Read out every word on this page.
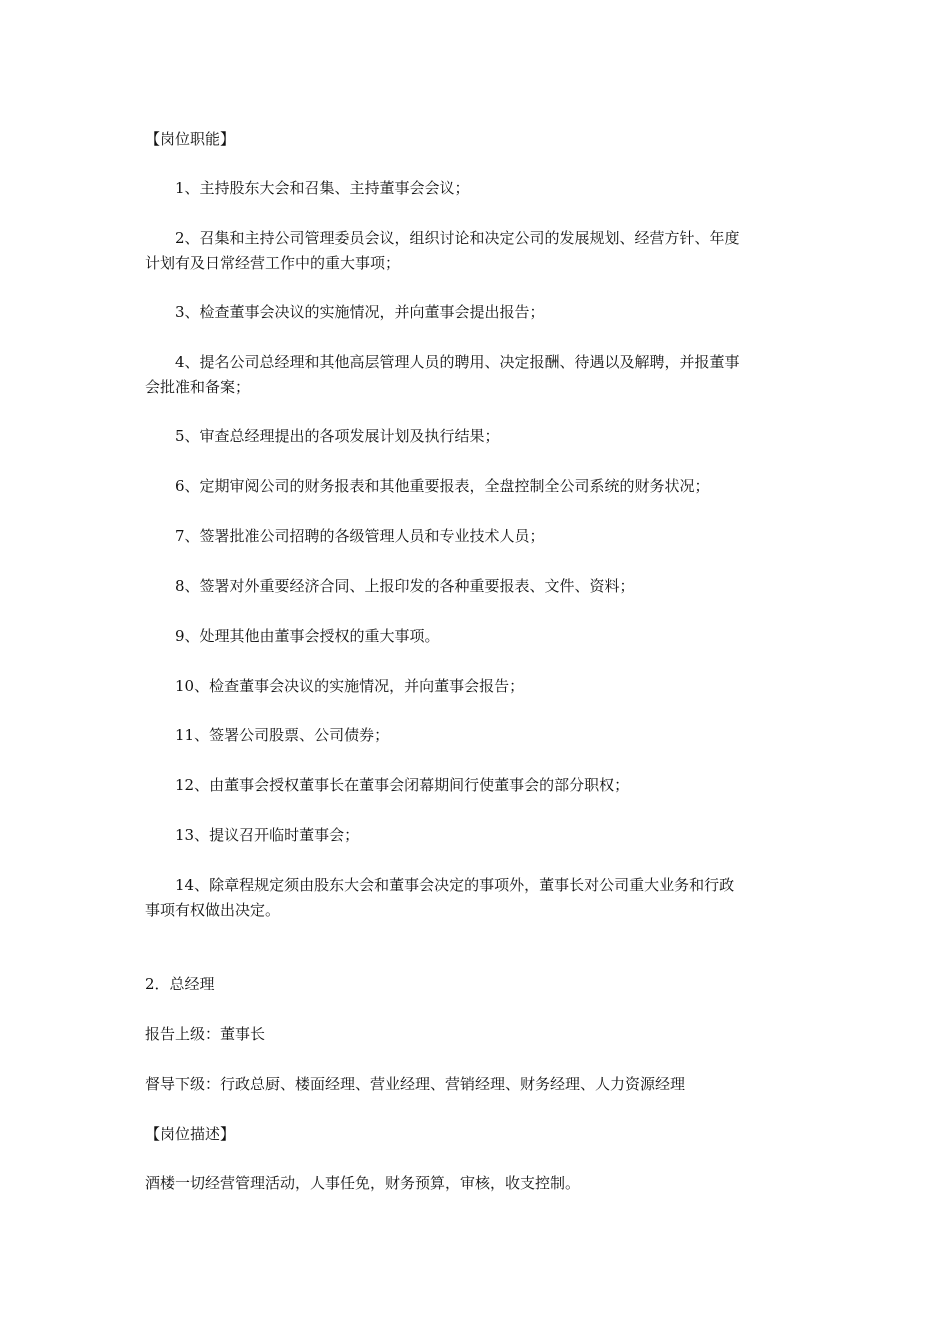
【岗位职能】
1、主持股东大会和召集、主持董事会会议；
2、召集和主持公司管理委员会议，组织讨论和决定公司的发展规划、经营方针、年度
计划有及日常经营工作中的重大事项；
3、检查董事会决议的实施情况，并向董事会提出报告；
4、提名公司总经理和其他高层管理人员的聘用、决定报酬、待遇以及解聘，并报董事
会批准和备案；
5、审查总经理提出的各项发展计划及执行结果；
6、定期审阅公司的财务报表和其他重要报表，全盘控制全公司系统的财务状况；
7、签署批准公司招聘的各级管理人员和专业技术人员；
8、签署对外重要经济合同、上报印发的各种重要报表、文件、资料；
9、处理其他由董事会授权的重大事项。
10、检查董事会决议的实施情况，并向董事会报告；
11、签署公司股票、公司债券；
12、由董事会授权董事长在董事会闭幕期间行使董事会的部分职权；
13、提议召开临时董事会；
14、除章程规定须由股东大会和董事会决定的事项外，董事长对公司重大业务和行政
事项有权做出决定。
2．总经理
报告上级：董事长
督导下级：行政总厨、楼面经理、营业经理、营销经理、财务经理、人力资源经理
【岗位描述】
酒楼一切经营管理活动，人事任免，财务预算，审核，收支控制。
